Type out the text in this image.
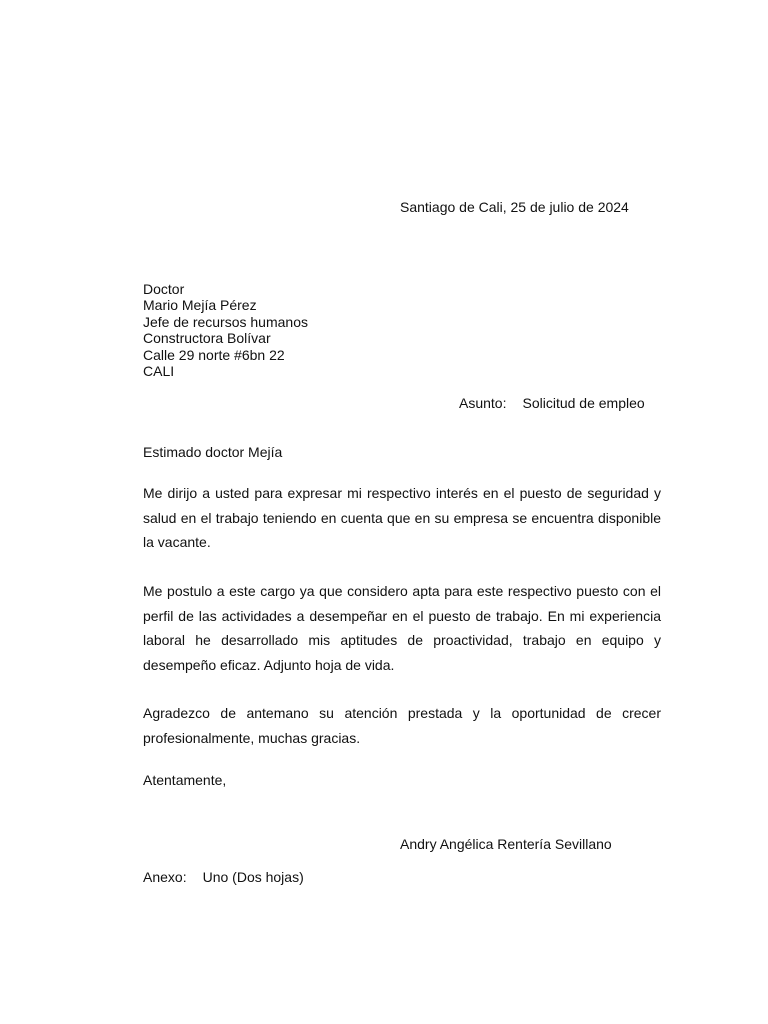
Santiago de Cali, 25 de julio de 2024
Doctor
Mario Mejía Pérez
Jefe de recursos humanos
Constructora Bolívar
Calle 29 norte #6bn 22
CALI
Asunto: Solicitud de empleo
Estimado doctor Mejía

Me dirijo a usted para expresar mi respectivo interés en el puesto de seguridad y salud en el trabajo teniendo en cuenta que en su empresa se encuentra disponible la vacante.

Me postulo a este cargo ya que considero apta para este respectivo puesto con el perfil de las actividades a desempeñar en el puesto de trabajo. En mi experiencia laboral he desarrollado mis aptitudes de proactividad, trabajo en equipo y desempeño eficaz. Adjunto hoja de vida.

Agradezco de antemano su atención prestada y la oportunidad de crecer profesionalmente, muchas gracias.

Atentamente,
Andry Angélica Rentería Sevillano
Anexo: Uno (Dos hojas)
